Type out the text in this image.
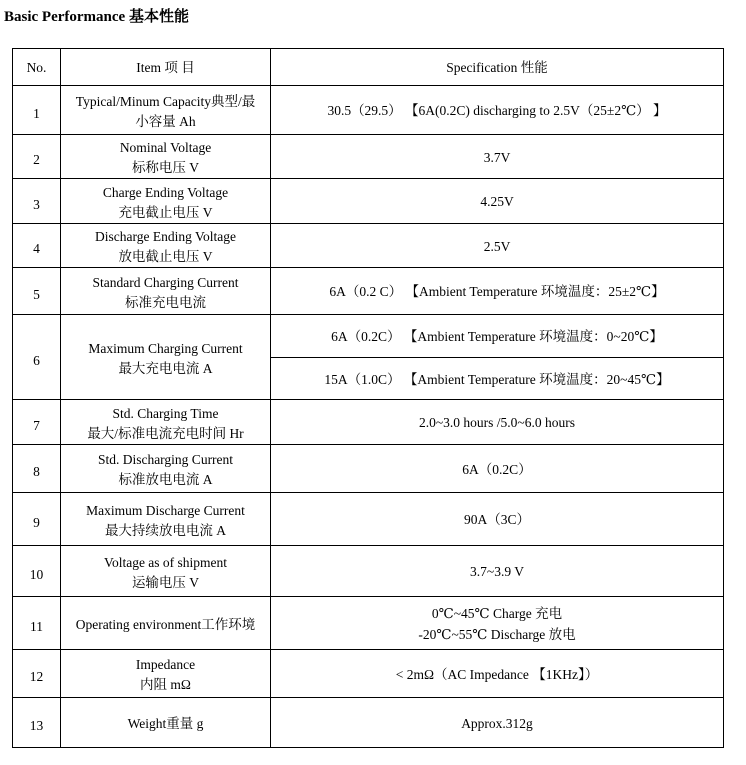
Basic Performance 基本性能
No.	Item 项 目	Specification 性能
1	Typical/Minum Capacity典型/最
小容量 Ah	30.5（29.5） 【6A(0.2C) discharging to 2.5V（25±2℃） 】

2	Nominal Voltage
标称电压 V	3.7V

3	Charge Ending Voltage
充电截止电压 V	4.25V

4	Discharge Ending Voltage
放电截止电压 V	2.5V

5	Standard Charging Current
标准充电电流	6A（0.2 C） 【Ambient Temperature 环境温度：25±2℃】

6	Maximum Charging Current
最大充电电流 A	6A（0.2C） 【Ambient Temperature 环境温度：0~20℃】

		15A（1.0C） 【Ambient Temperature 环境温度：20~45℃】

7	Std. Charging Time
最大/标准电流充电时间 Hr	2.0~3.0 hours /5.0~6.0 hours

8	Std. Discharging Current
标准放电电流 A	6A（0.2C）

9	Maximum Discharge Current
最大持续放电电流 A	90A（3C）

10	Voltage as of shipment
运输电压 V	3.7~3.9 V

11	Operating environment工作环境	0℃~45℃ Charge 充电
-20℃~55℃ Discharge 放电

12	Impedance
内阻 mΩ	< 2mΩ（AC Impedance 【1KHz】）

13	Weight重量 g	Approx.312g
